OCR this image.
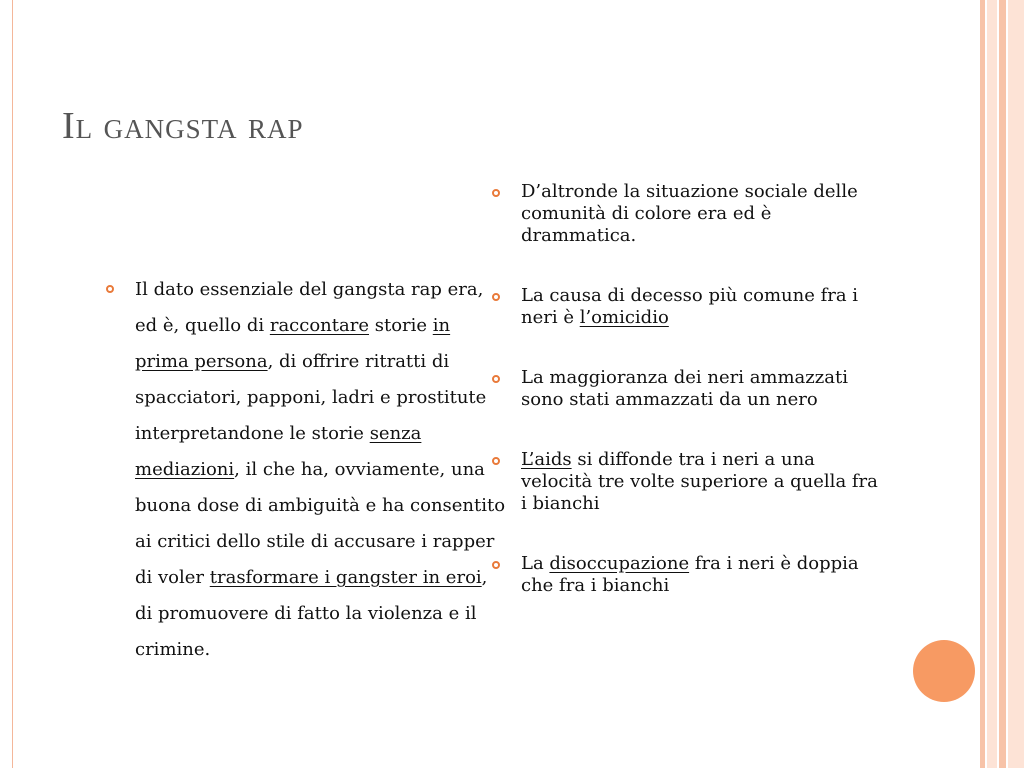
Il gangsta rap
Il dato essenziale del gangsta rap era, ed è, quello di raccontare storie in prima persona, di offrire ritratti di spacciatori, papponi, ladri e prostitute interpretandone le storie senza mediazioni, il che ha, ovviamente, una buona dose di ambiguità e ha consentito ai critici dello stile di accusare i rapper di voler trasformare i gangster in eroi, di promuovere di fatto la violenza e il crimine.
D’altronde la situazione sociale delle comunità di colore era ed è drammatica.
La causa di decesso più comune fra i neri è l’omicidio
La maggioranza dei neri ammazzati sono stati ammazzati da un nero
L’aids si diffonde tra i neri a una velocità tre volte superiore a quella fra i bianchi
La disoccupazione fra i neri è doppia che fra i bianchi
